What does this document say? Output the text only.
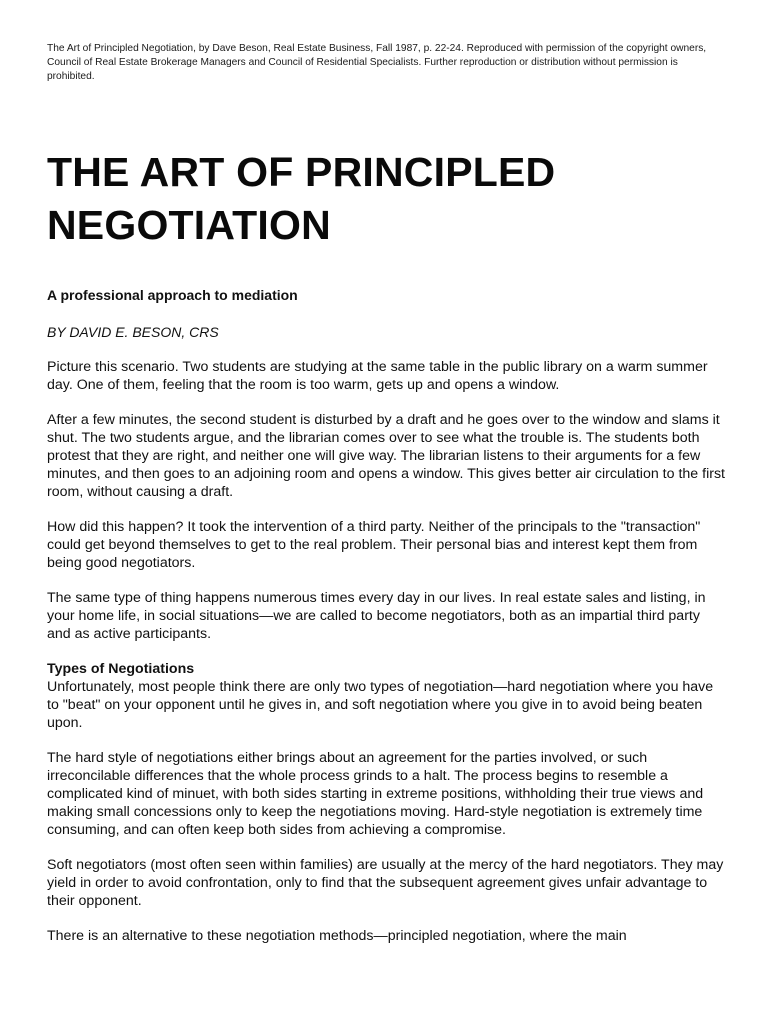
The Art of Principled Negotiation, by Dave Beson, Real Estate Business, Fall 1987, p. 22-24. Reproduced with permission of the copyright owners, Council of Real Estate Brokerage Managers and Council of Residential Specialists. Further reproduction or distribution without permission is prohibited.

THE ART OF PRINCIPLED
NEGOTIATION

A professional approach to mediation

BY DAVID E. BESON, CRS

Picture this scenario. Two students are studying at the same table in the public library on a warm summer day. One of them, feeling that the room is too warm, gets up and opens a window.

After a few minutes, the second student is disturbed by a draft and he goes over to the window and slams it shut. The two students argue, and the librarian comes over to see what the trouble is. The students both protest that they are right, and neither one will give way. The librarian listens to their arguments for a few minutes, and then goes to an adjoining room and opens a window. This gives better air circulation to the first room, without causing a draft.

How did this happen? It took the intervention of a third party. Neither of the principals to the "transaction" could get beyond themselves to get to the real problem. Their personal bias and interest kept them from being good negotiators.

The same type of thing happens numerous times every day in our lives. In real estate sales and listing, in your home life, in social situations—we are called to become negotiators, both as an impartial third party and as active participants.

Types of Negotiations
Unfortunately, most people think there are only two types of negotiation—hard negotiation where you have to "beat" on your opponent until he gives in, and soft negotiation where you give in to avoid being beaten upon.

The hard style of negotiations either brings about an agreement for the parties involved, or such irreconcilable differences that the whole process grinds to a halt. The process begins to resemble a complicated kind of minuet, with both sides starting in extreme positions, withholding their true views and making small concessions only to keep the negotiations moving. Hard-style negotiation is extremely time consuming, and can often keep both sides from achieving a compromise.

Soft negotiators (most often seen within families) are usually at the mercy of the hard negotiators. They may yield in order to avoid confrontation, only to find that the subsequent agreement gives unfair advantage to their opponent.

There is an alternative to these negotiation methods—principled negotiation, where the main
